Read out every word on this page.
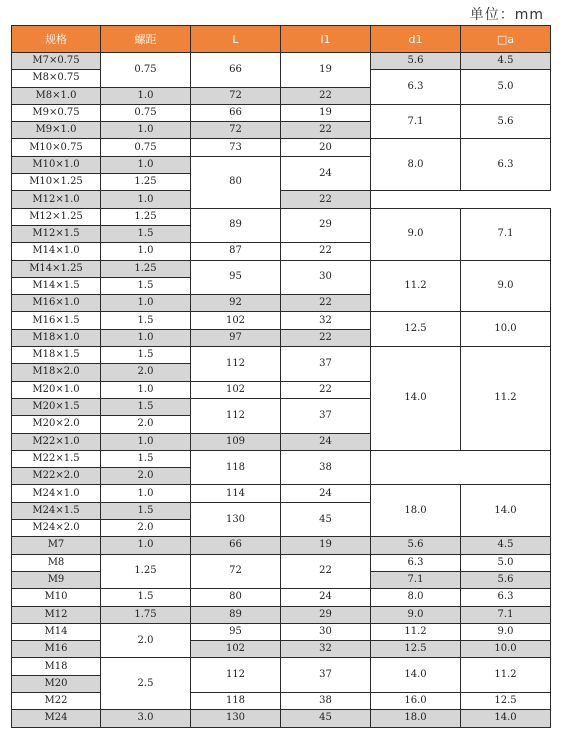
单位：mm
规格	螺距	L	l1	d1	□a	
M7×0.75	0.75	66	19	5.6	4.5	
M8×0.75				6.3	5.0	
M8×1.0	1.0	72	22			
M9×0.75	0.75	66	19	7.1	5.6	
M9×1.0	1.0	72	22			
M10×0.75	0.75	73	20	8.0	6.3	
M10×1.0	1.0	80	24			
M10×1.25	1.25					
M12×1.0	1.0		22			
M12×1.25	1.25	89	29	9.0	7.1	
M12×1.5	1.5					
M14×1.0	1.0	87	22			
M14×1.25	1.25	95	30	11.2	9.0	
M14×1.5	1.5					
M16×1.0	1.0	92	22			
M16×1.5	1.5	102	32	12.5	10.0	
M18×1.0	1.0	97	22			
M18×1.5	1.5	112	37	14.0	11.2	
M18×2.0	2.0					
M20×1.0	1.0	102	22			
M20×1.5	1.5	112	37			
M20×2.0	2.0					
M22×1.0	1.0	109	24		
M22×1.5	1.5	118	38			
M22×2.0	2.0					
M24×1.0	1.0	114	24	18.0	14.0	
M24×1.5	1.5	130	45			
M24×2.0	2.0					
M7	1.0	66	19	5.6	4.5	
M8	1.25	72	22	6.3	5.0	
M9				7.1	5.6	
M10	1.5	80	24	8.0	6.3	
M12	1.75	89	29	9.0	7.1	
M14	2.0	95	30	11.2	9.0	
M16		102	32	12.5	10.0	
M18	2.5	112	37	14.0	11.2	
M20						
M22		118	38	16.0	12.5	
M24	3.0	130	45	18.0	14.0	
